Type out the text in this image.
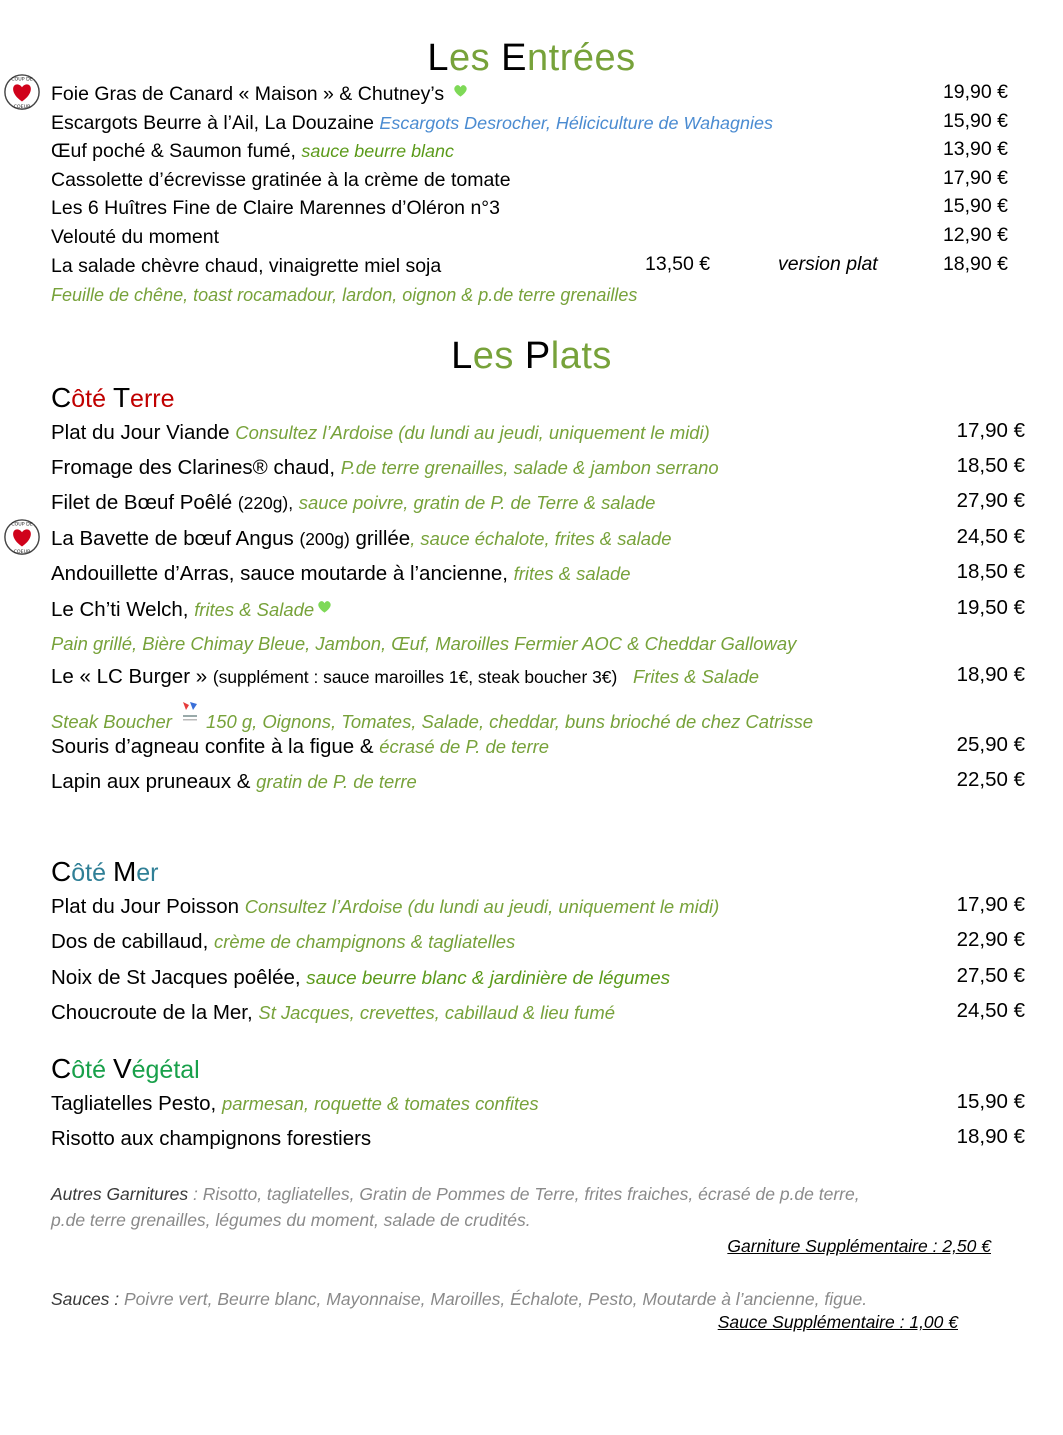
Les Entrées
COUP DE
COEUR
Foie Gras de Canard « Maison » & Chutney’s	19,90 €
Escargots Beurre à l’Ail, La Douzaine Escargots Desrocher, Héliciculture de Wahagnies	15,90 €
Œuf poché & Saumon fumé, sauce beurre blanc	13,90 €
Cassolette d’écrevisse gratinée à la crème de tomate	17,90 €
Les 6 Huîtres Fine de Claire Marennes d’Oléron n°3	15,90 €
Velouté du moment	12,90 €
La salade chèvre chaud, vinaigrette miel soja	13,50 €	version plat	18,90 €
Feuille de chêne, toast rocamadour, lardon, oignon & p.de terre grenailles
Les Plats
Côté Terre
Plat du Jour Viande Consultez l’Ardoise (du lundi au jeudi, uniquement le midi)	17,90 €
Fromage des Clarines® chaud, P.de terre grenailles, salade & jambon serrano	18,50 €
Filet de Bœuf Poêlé (220g), sauce poivre, gratin de P. de Terre & salade	27,90 €
COUP DE
COEUR
La Bavette de bœuf Angus (200g) grillée, sauce échalote, frites & salade	24,50 €
Andouillette d’Arras, sauce moutarde à l’ancienne, frites & salade	18,50 €
Le Ch’ti Welch, frites & Salade	19,50 €
Pain grillé, Bière Chimay Bleue, Jambon, Œuf, Maroilles Fermier AOC & Cheddar Galloway
Le « LC Burger » (supplément : sauce maroilles 1€, steak boucher 3€) Frites & Salade	18,90 €
Steak Boucher 150 g, Oignons, Tomates, Salade, cheddar, buns brioché de chez Catrisse
Souris d’agneau confite à la figue & écrasé de P. de terre	25,90 €
Lapin aux pruneaux & gratin de P. de terre	22,50 €
Côté Mer
Plat du Jour Poisson Consultez l’Ardoise (du lundi au jeudi, uniquement le midi)	17,90 €
Dos de cabillaud, crème de champignons & tagliatelles	22,90 €
Noix de St Jacques poêlée, sauce beurre blanc & jardinière de légumes	27,50 €
Choucroute de la Mer, St Jacques, crevettes, cabillaud & lieu fumé	24,50 €
Côté Végétal
Tagliatelles Pesto, parmesan, roquette & tomates confites	15,90 €
Risotto aux champignons forestiers	18,90 €
Autres Garnitures : Risotto, tagliatelles, Gratin de Pommes de Terre, frites fraiches, écrasé de p.de terre,
p.de terre grenailles, légumes du moment, salade de crudités.
Garniture Supplémentaire : 2,50 €
Sauces : Poivre vert, Beurre blanc, Mayonnaise, Maroilles, Échalote, Pesto, Moutarde à l’ancienne, figue.
Sauce Supplémentaire : 1,00 €
